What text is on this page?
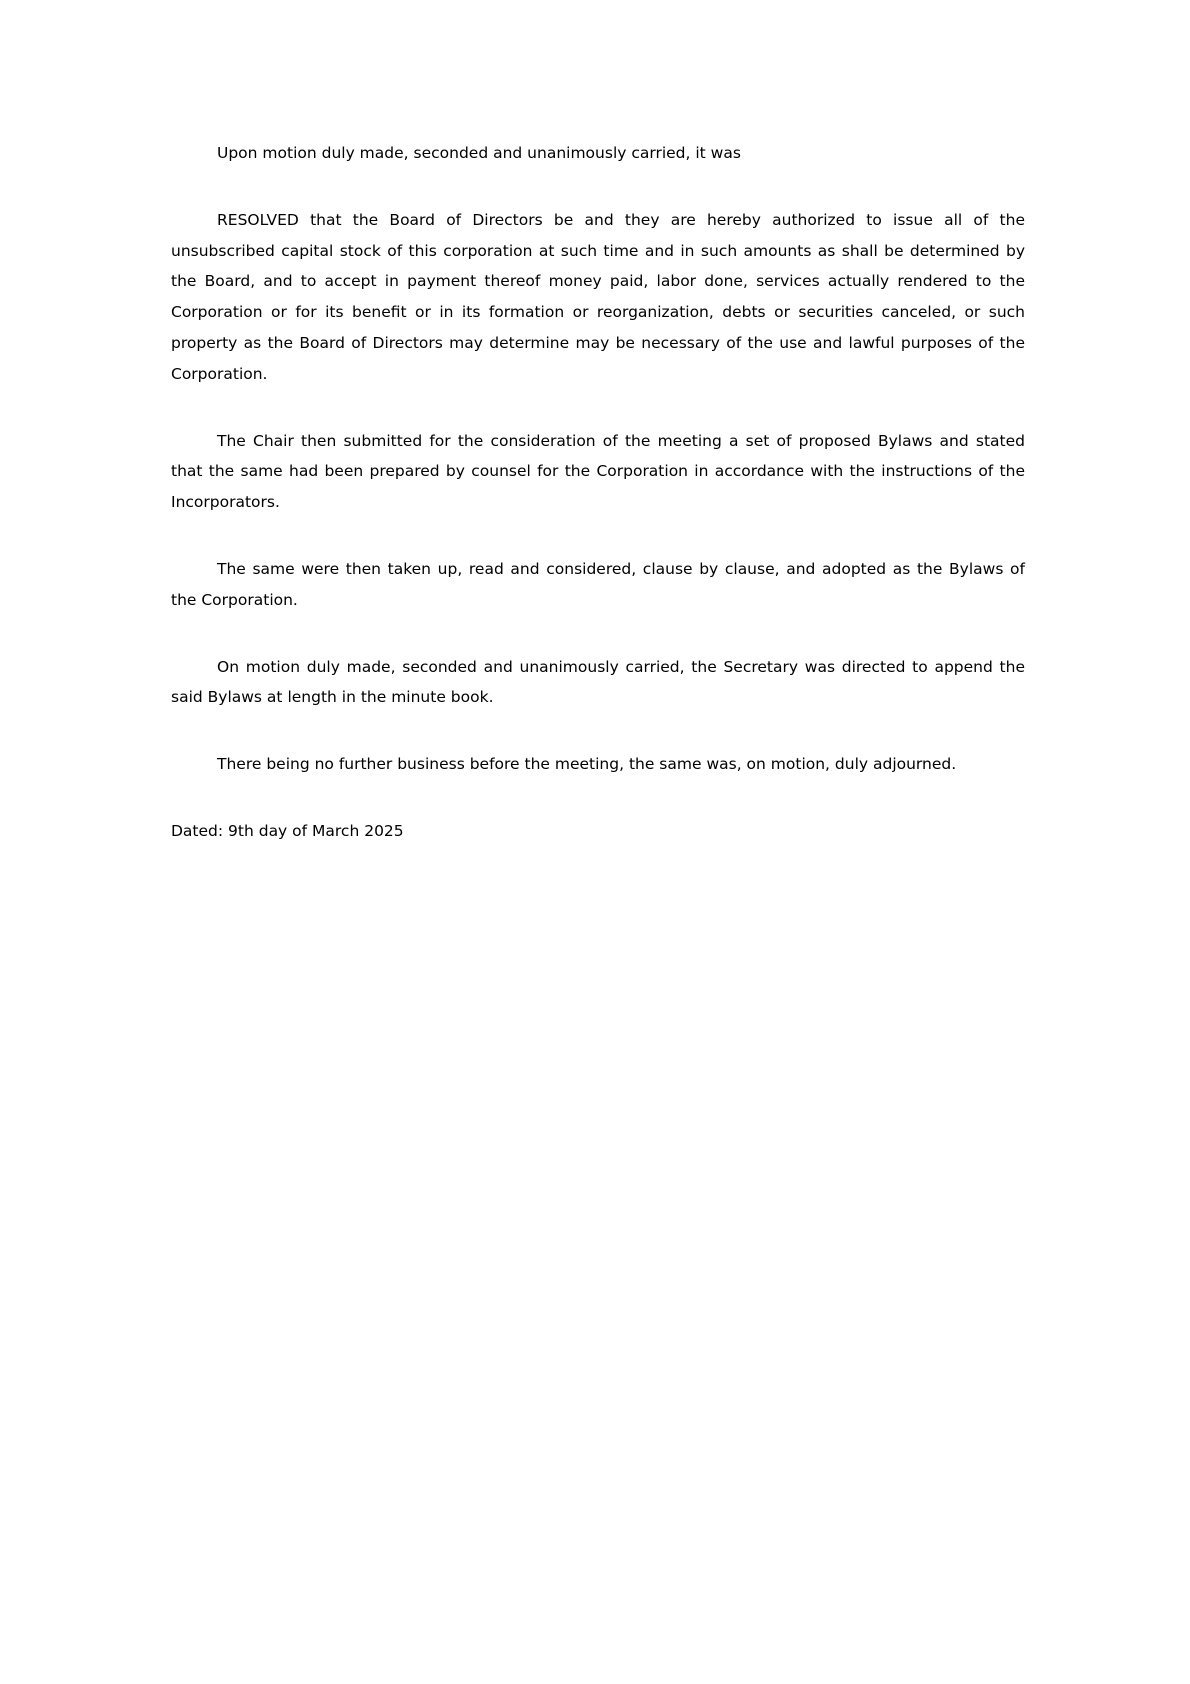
Upon motion duly made, seconded and unanimously carried, it was

RESOLVED that the Board of Directors be and they are hereby authorized to issue all of the unsubscribed capital stock of this corporation at such time and in such amounts as shall be determined by the Board, and to accept in payment thereof money paid, labor done, services actually rendered to the Corporation or for its benefit or in its formation or reorganization, debts or securities canceled, or such property as the Board of Directors may determine may be necessary of the use and lawful purposes of the Corporation.

The Chair then submitted for the consideration of the meeting a set of proposed Bylaws and stated that the same had been prepared by counsel for the Corporation in accordance with the instructions of the Incorporators.

The same were then taken up, read and considered, clause by clause, and adopted as the Bylaws of the Corporation.

On motion duly made, seconded and unanimously carried, the Secretary was directed to append the said Bylaws at length in the minute book.

There being no further business before the meeting, the same was, on motion, duly adjourned.

Dated: 9th day of March 2025
